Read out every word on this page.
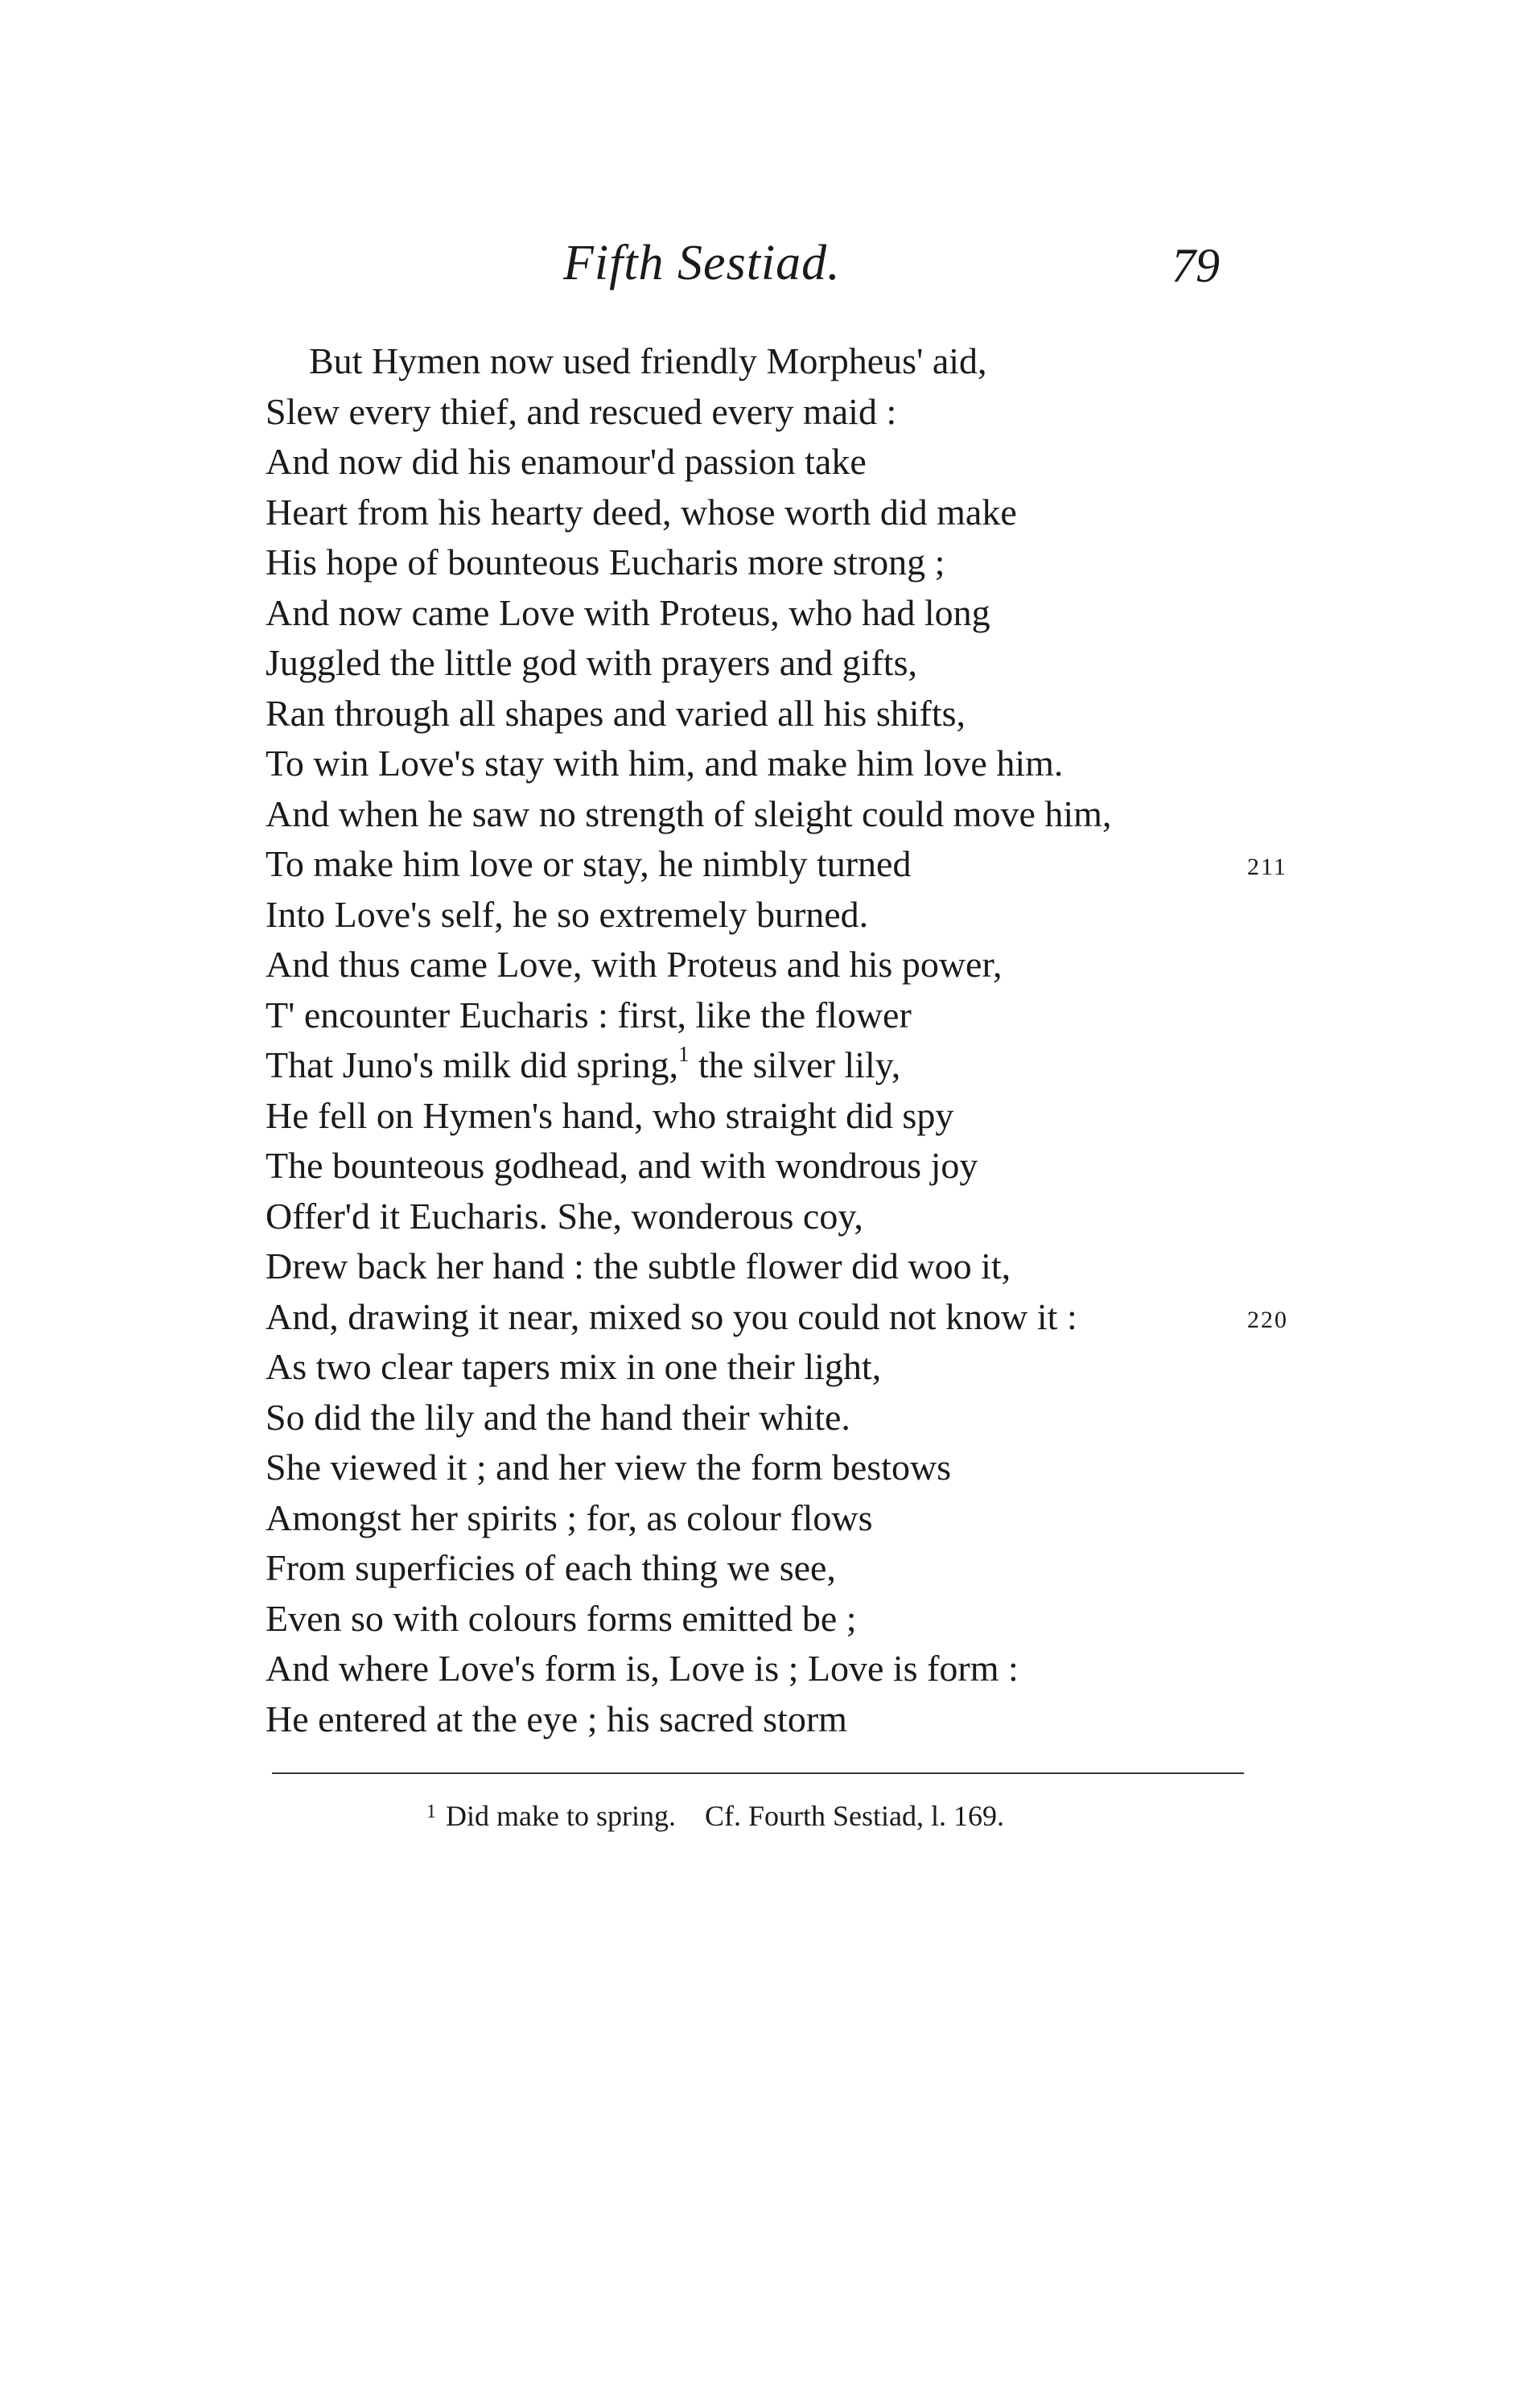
Fifth Sestiad.	79
But Hymen now used friendly Morpheus' aid,
Slew every thief, and rescued every maid :
And now did his enamour'd passion take
Heart from his hearty deed, whose worth did make
His hope of bounteous Eucharis more strong ;
And now came Love with Proteus, who had long
Juggled the little god with prayers and gifts,
Ran through all shapes and varied all his shifts,
To win Love's stay with him, and make him love him.
And when he saw no strength of sleight could move him,
To make him love or stay, he nimbly turned	211
Into Love's self, he so extremely burned.
And thus came Love, with Proteus and his power,
T' encounter Eucharis : first, like the flower
That Juno's milk did spring,$^1$ the silver lily,
He fell on Hymen's hand, who straight did spy
The bounteous godhead, and with wondrous joy
Offer'd it Eucharis. She, wonderous coy,
Drew back her hand : the subtle flower did woo it,
And, drawing it near, mixed so you could not know it :	220
As two clear tapers mix in one their light,
So did the lily and the hand their white.
She viewed it ; and her view the form bestows
Amongst her spirits ; for, as colour flows
From superficies of each thing we see,
Even so with colours forms emitted be ;
And where Love's form is, Love is ; Love is form :
He entered at the eye ; his sacred storm
$^1$ Did make to spring. Cf. Fourth Sestiad, l. 169.
